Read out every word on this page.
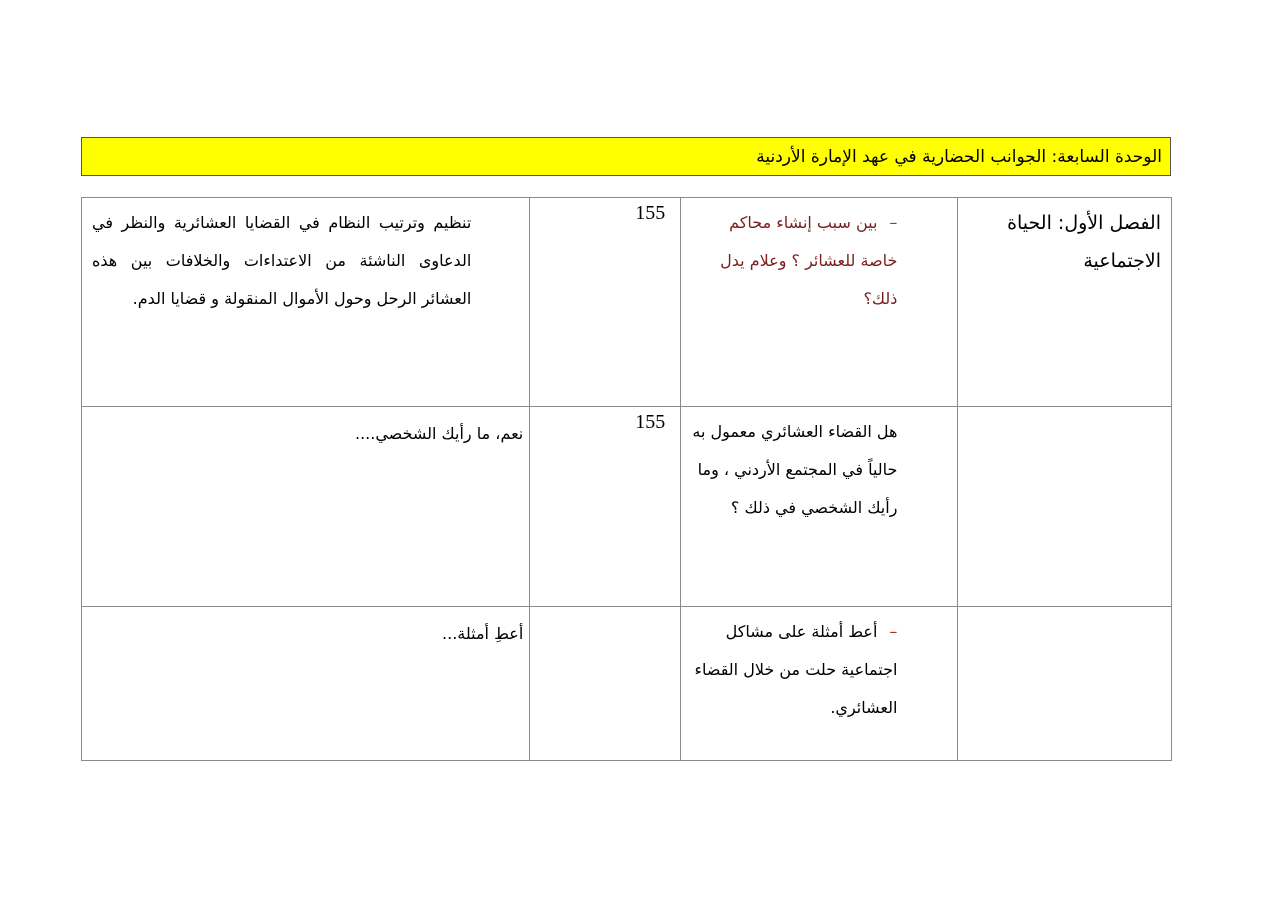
الوحدة السابعة: الجوانب الحضارية في عهد الإمارة الأردنية
الفصل الأول: الحياة الاجتماعية	–بين سبب إنشاء محاكم خاصة للعشائر ؟ وعلام يدل ذلك؟	155	تنظيم وترتيب النظام في القضايا العشائرية والنظر في الدعاوى الناشئة من الاعتداءات والخلافات بين هذه العشائر الرحل وحول الأموال المنقولة و قضايا الدم.

	هل القضاء العشائري معمول به حالياً في المجتمع الأردني ، وما رأيك الشخصي في ذلك ؟	155	نعم، ما رأيك الشخصي....

	–أعط أمثلة على مشاكل اجتماعية حلت من خلال القضاء العشائري.		أعطِ أمثلة...
